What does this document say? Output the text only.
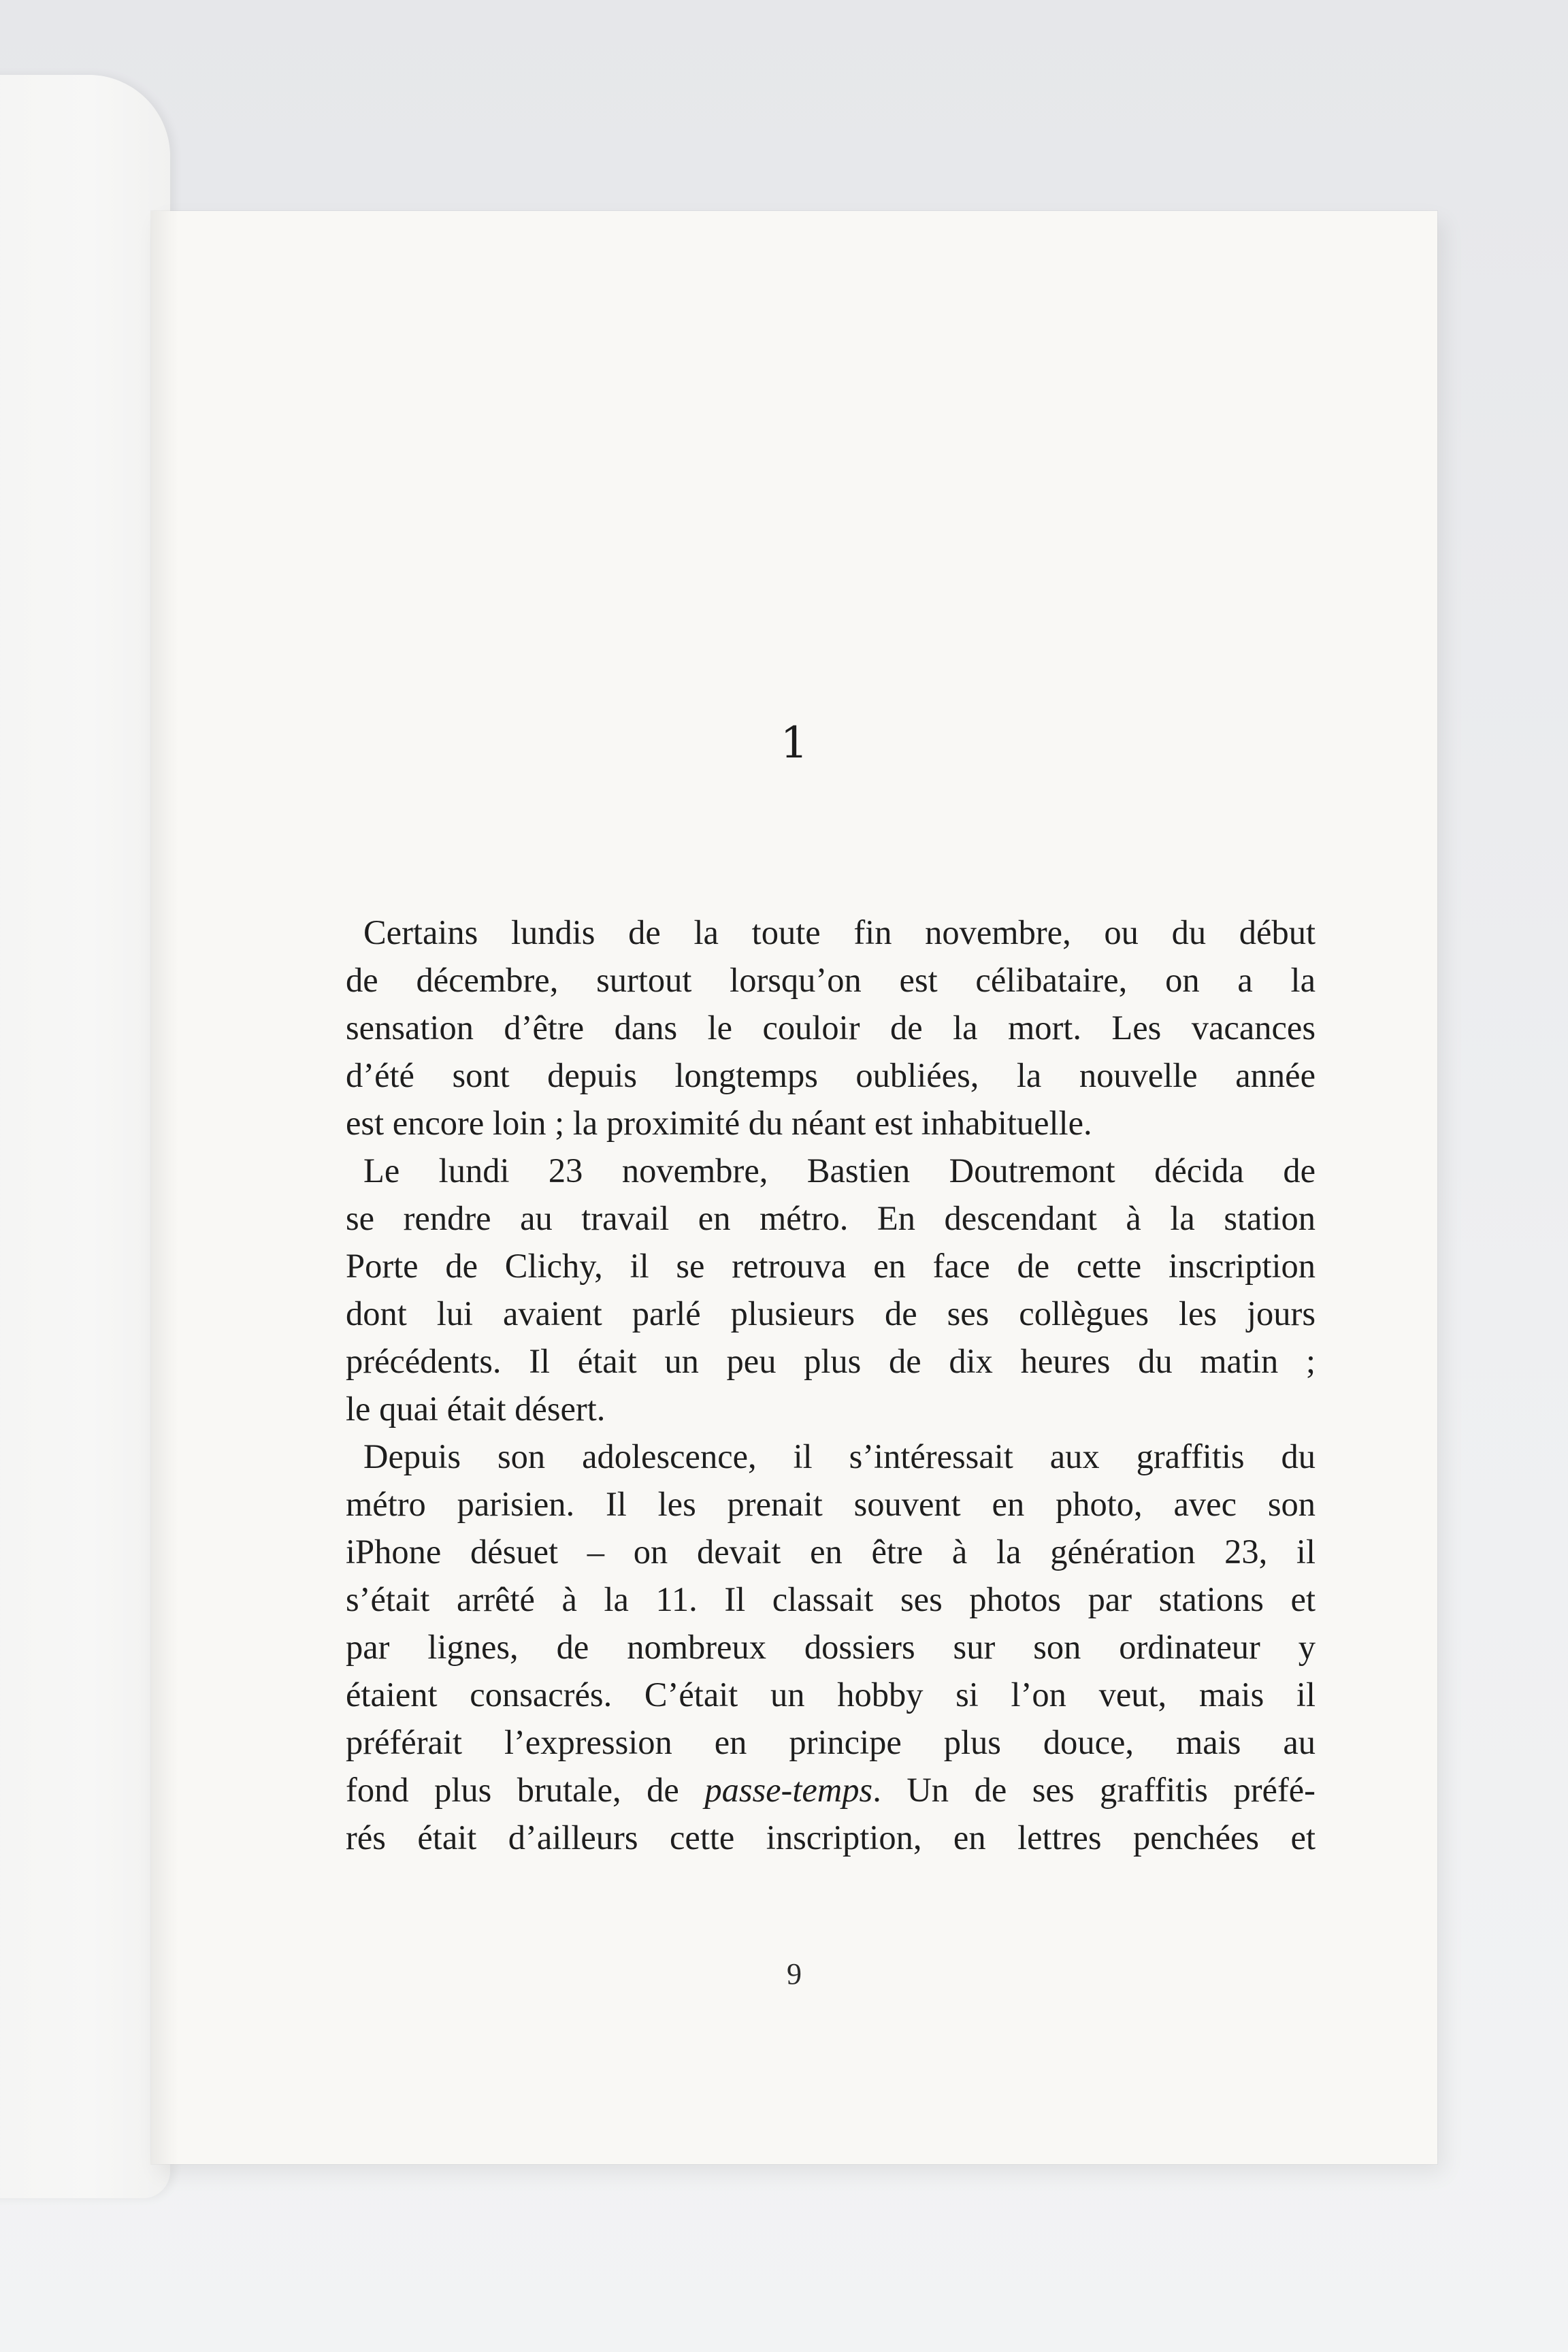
1
Certains lundis de la toute fin novembre, ou du début
de décembre, surtout lorsqu’on est célibataire, on a la
sensation d’être dans le couloir de la mort. Les vacances
d’été sont depuis longtemps oubliées, la nouvelle année
est encore loin ; la proximité du néant est inhabituelle.
Le lundi 23 novembre, Bastien Doutremont décida de
se rendre au travail en métro. En descendant à la station
Porte de Clichy, il se retrouva en face de cette inscription
dont lui avaient parlé plusieurs de ses collègues les jours
précédents. Il était un peu plus de dix heures du matin ;
le quai était désert.
Depuis son adolescence, il s’intéressait aux graffitis du
métro parisien. Il les prenait souvent en photo, avec son
iPhone désuet – on devait en être à la génération 23, il
s’était arrêté à la 11. Il classait ses photos par stations et
par lignes, de nombreux dossiers sur son ordinateur y
étaient consacrés. C’était un hobby si l’on veut, mais il
préférait l’expression en principe plus douce, mais au
fond plus brutale, de passe-temps. Un de ses graffitis préfé-
rés était d’ailleurs cette inscription, en lettres penchées et
9
